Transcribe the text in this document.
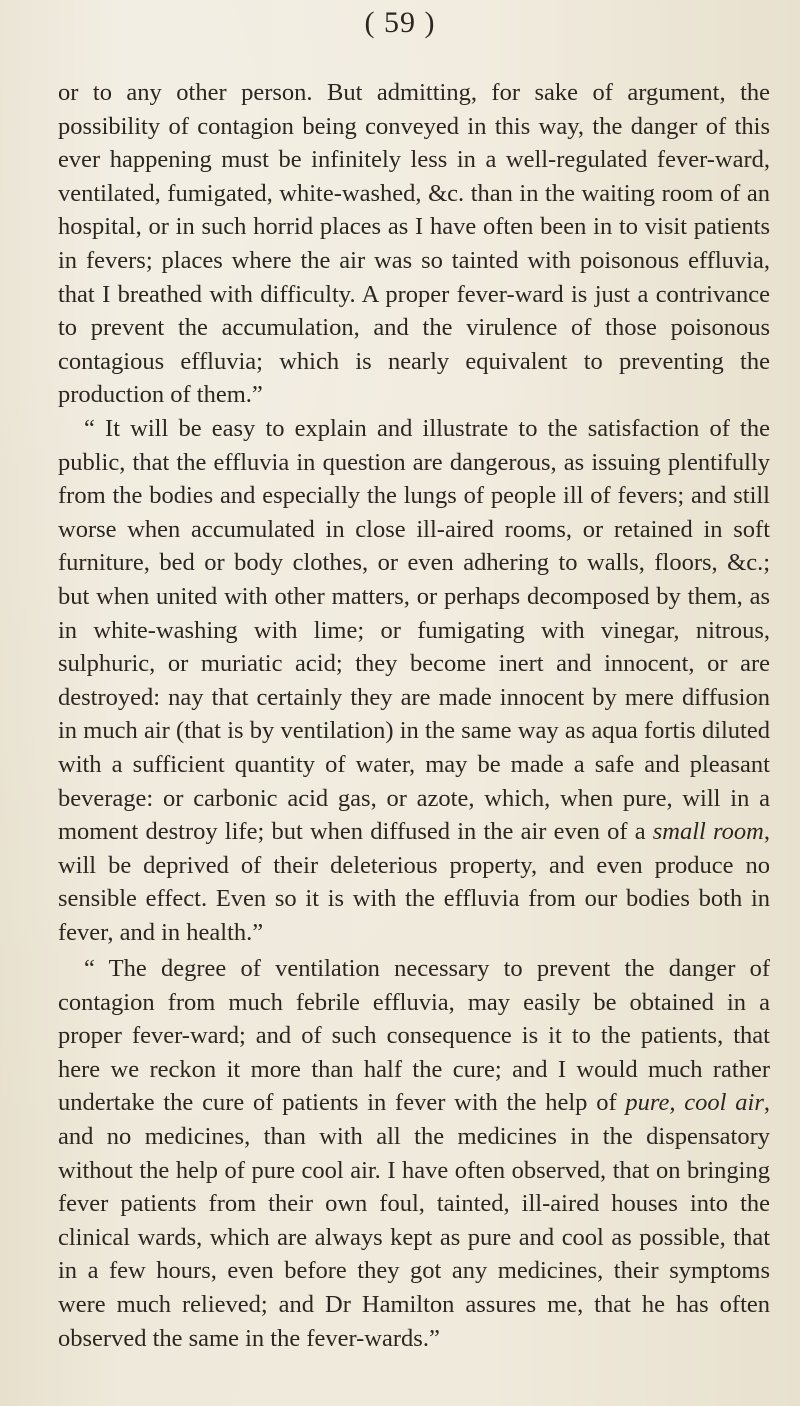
( 59 )

or to any other person. But admitting, for sake of argument, the possibility of contagion being conveyed in this way, the danger of this ever happening must be infinitely less in a well-regulated fever-ward, ventilated, fumigated, white-washed, &c. than in the waiting room of an hospital, or in such horrid places as I have often been in to visit patients in fevers; places where the air was so tainted with poisonous effluvia, that I breathed with difficulty. A proper fever-ward is just a contrivance to prevent the accumulation, and the virulence of those poisonous contagious effluvia; which is nearly equivalent to preventing the production of them.”

“ It will be easy to explain and illustrate to the satisfaction of the public, that the effluvia in question are dangerous, as issuing plentifully from the bodies and especially the lungs of people ill of fevers; and still worse when accumulated in close ill-aired rooms, or retained in soft furniture, bed or body clothes, or even adhering to walls, floors, &c.; but when united with other matters, or perhaps decomposed by them, as in white-washing with lime; or fumigating with vinegar, nitrous, sulphuric, or muriatic acid; they become inert and innocent, or are destroyed: nay that certainly they are made innocent by mere diffusion in much air (that is by ventilation) in the same way as aqua fortis diluted with a sufficient quantity of water, may be made a safe and pleasant beverage: or carbonic acid gas, or azote, which, when pure, will in a moment destroy life; but when diffused in the air even of a small room, will be deprived of their deleterious property, and even produce no sensible effect. Even so it is with the effluvia from our bodies both in fever, and in health.”

“ The degree of ventilation necessary to prevent the danger of contagion from much febrile effluvia, may easily be obtained in a proper fever-ward; and of such consequence is it to the patients, that here we reckon it more than half the cure; and I would much rather undertake the cure of patients in fever with the help of pure, cool air, and no medicines, than with all the medicines in the dispensatory without the help of pure cool air. I have often observed, that on bringing fever patients from their own foul, tainted, ill-aired houses into the clinical wards, which are always kept as pure and cool as possible, that in a few hours, even before they got any medicines, their symptoms were much relieved; and Dr Hamilton assures me, that he has often observed the same in the fever-wards.”
